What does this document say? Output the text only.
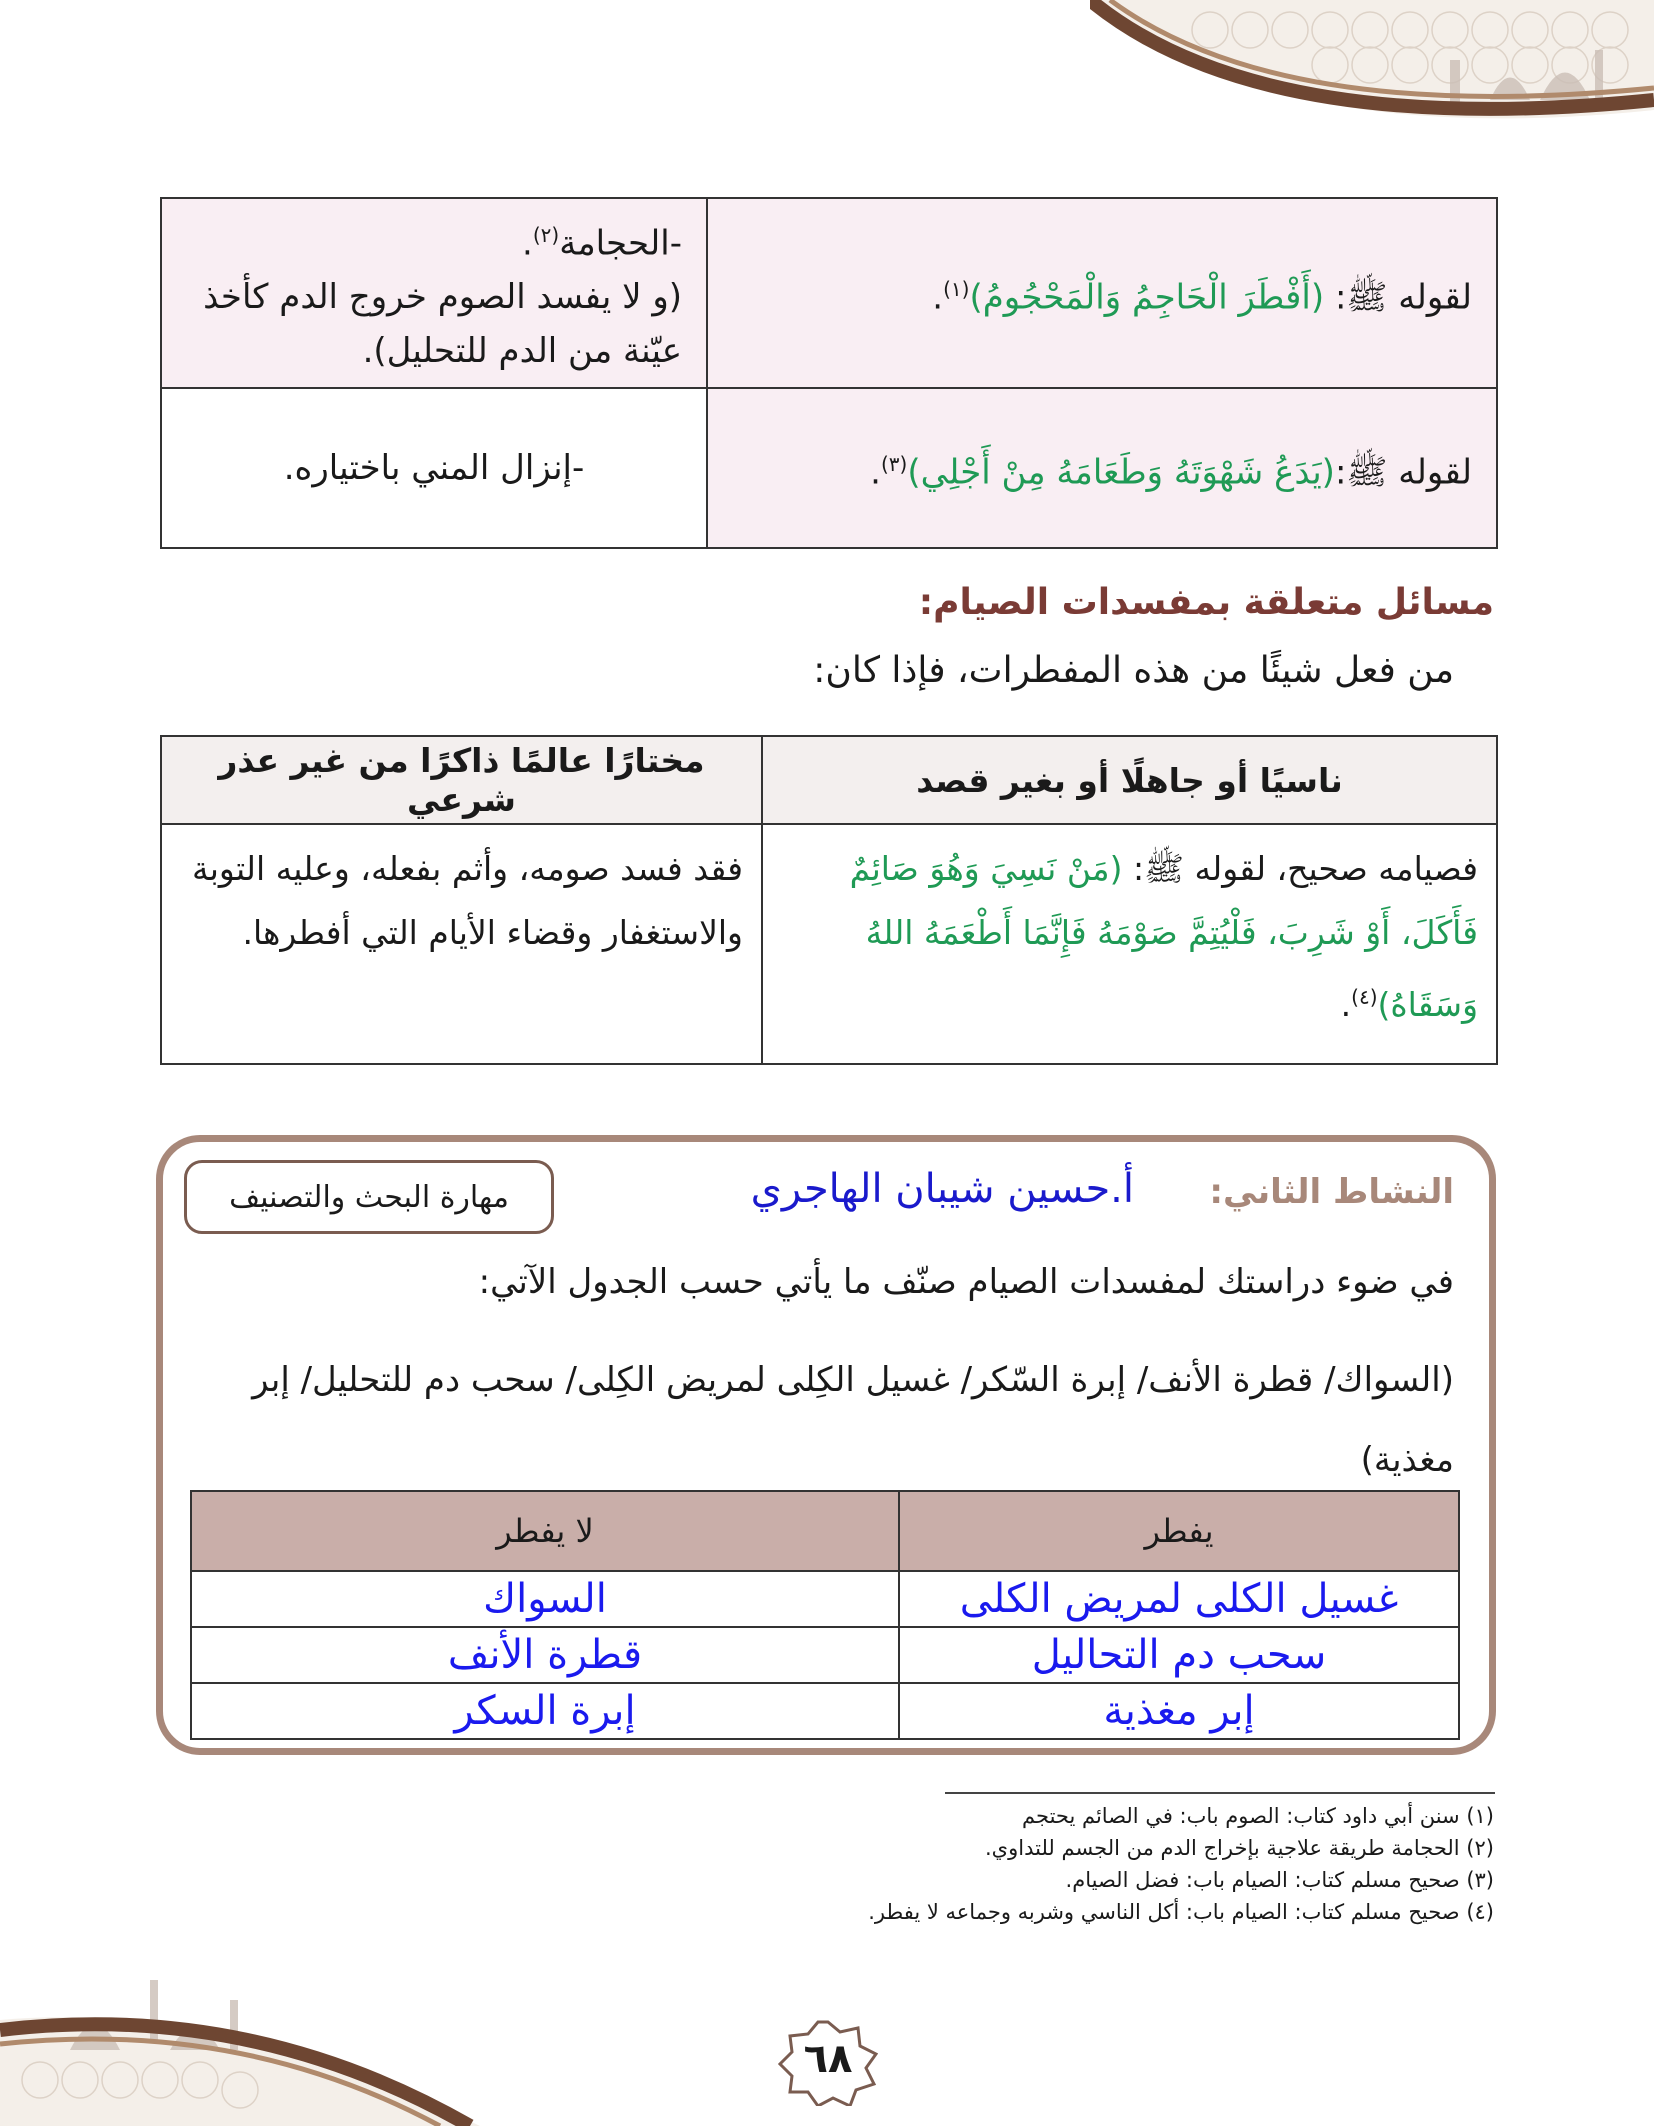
لقوله ﷺ: (أَفْطَرَ الْحَاجِمُ وَالْمَحْجُومُ)$^{(١)}$.	-الحجامة$^{(٢)}$.
(و لا يفسد الصوم خروج الدم كأخذ عيّنة من الدم للتحليل).

لقوله ﷺ:(يَدَعُ شَهْوَتَهُ وَطَعَامَهُ مِنْ أَجْلِي)$^{(٣)}$.	-إنزال المني باختياره.
مسائل متعلقة بمفسدات الصيام:
من فعل شيئًا من هذه المفطرات، فإذا كان:
ناسيًا أو جاهلًا أو بغير قصد	مختارًا عالمًا ذاكرًا من غير عذر شرعي
فصيامه صحيح، لقوله ﷺ: (مَنْ نَسِيَ وَهُوَ صَائِمٌ فَأَكَلَ، أَوْ شَرِبَ، فَلْيُتِمَّ صَوْمَهُ فَإِنَّمَا أَطْعَمَهُ اللهُ وَسَقَاهُ)$^{(٤)}$.	فقد فسد صومه، وأثم بفعله، وعليه التوبة والاستغفار وقضاء الأيام التي أفطرها.
النشاط الثاني:
أ.حسين شيبان الهاجري
مهارة البحث والتصنيف
في ضوء دراستك لمفسدات الصيام صنّف ما يأتي حسب الجدول الآتي:
(السواك/ قطرة الأنف/ إبرة السّكر/ غسيل الكِلى لمريض الكِلى/ سحب دم للتحليل/ إبر مغذية)
يفطر	لا يفطر
غسيل الكلى لمريض الكلى	السواك
سحب دم التحاليل	قطرة الأنف
إبر مغذية	إبرة السكر
(١) سنن أبي داود كتاب: الصوم باب: في الصائم يحتجم
(٢) الحجامة طريقة علاجية بإخراج الدم من الجسم للتداوي.
(٣) صحيح مسلم كتاب: الصيام باب: فضل الصيام.
(٤) صحيح مسلم كتاب: الصيام باب: أكل الناسي وشربه وجماعه لا يفطر.
٦٨
